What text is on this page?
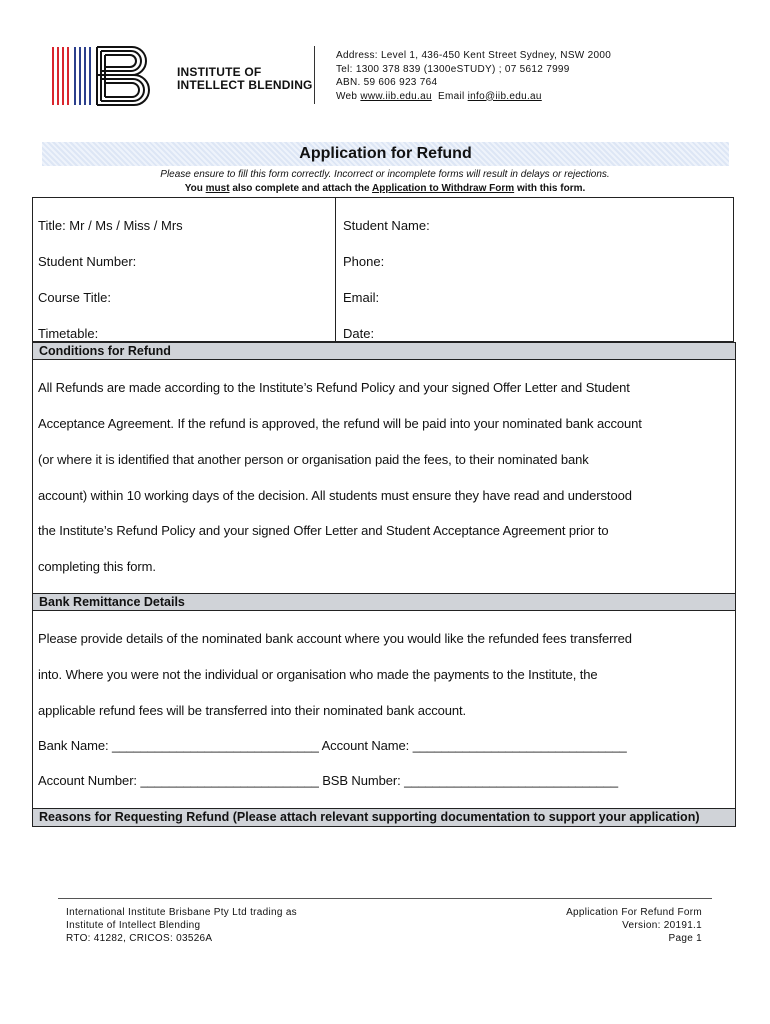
INSTITUTE OF
INTELLECT BLENDING
Address: Level 1, 436-450 Kent Street Sydney, NSW 2000
Tel: 1300 378 839 (1300eSTUDY) ; 07 5612 7999
ABN. 59 606 923 764
Web www.iib.edu.au Email info@iib.edu.au
Application for Refund
Please ensure to fill this form correctly. Incorrect or incomplete forms will result in delays or rejections.
You must also complete and attach the Application to Withdraw Form with this form.
Title: Mr / Ms / Miss / Mrs	Student Name:
Student Number:	Phone:
Course Title:	Email:
Timetable:	Date:
Conditions for Refund
All Refunds are made according to the Institute’s Refund Policy and your signed Offer Letter and Student
Acceptance Agreement. If the refund is approved, the refund will be paid into your nominated bank account
(or where it is identified that another person or organisation paid the fees, to their nominated bank
account) within 10 working days of the decision. All students must ensure they have read and understood
the Institute’s Refund Policy and your signed Offer Letter and Student Acceptance Agreement prior to
completing this form.
Bank Remittance Details
Please provide details of the nominated bank account where you would like the refunded fees transferred
into. Where you were not the individual or organisation who made the payments to the Institute, the
applicable refund fees will be transferred into their nominated bank account.
Bank Name: _____________________________ Account Name: ______________________________
Account Number: _________________________ BSB Number: ______________________________
Reasons for Requesting Refund (Please attach relevant supporting documentation to support your application)
International Institute Brisbane Pty Ltd trading as
Institute of Intellect Blending
RTO: 41282, CRICOS: 03526A
Application For Refund Form
Version: 20191.1
Page 1
